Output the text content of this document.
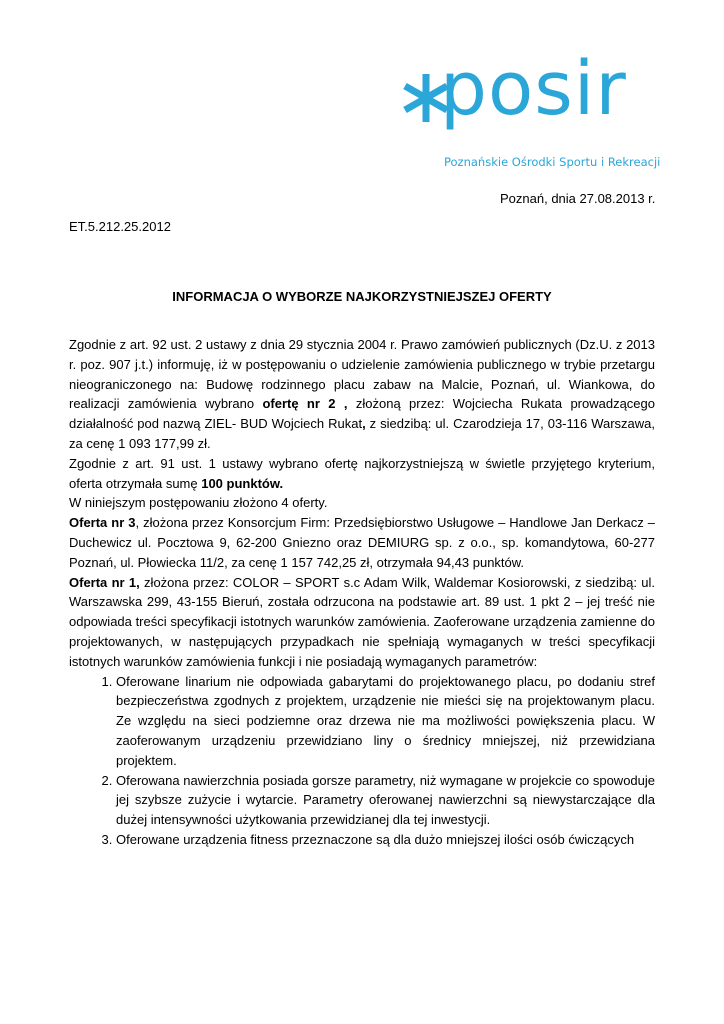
posir
Poznańskie Ośrodki Sportu i Rekreacji
Poznań, dnia 27.08.2013 r.
ET.5.212.25.2012
INFORMACJA O WYBORZE NAJKORZYSTNIEJSZEJ OFERTY

Zgodnie z art. 92 ust. 2 ustawy z dnia 29 stycznia 2004 r. Prawo zamówień publicznych (Dz.U. z 2013 r. poz. 907 j.t.) informuję, iż w postępowaniu o udzielenie zamówienia publicznego w trybie przetargu nieograniczonego na: Budowę rodzinnego placu zabaw na Malcie, Poznań, ul. Wiankowa, do realizacji zamówienia wybrano ofertę nr 2 , złożoną przez: Wojciecha Rukata prowadzącego działalność pod nazwą ZIEL- BUD Wojciech Rukat, z siedzibą: ul. Czarodzieja 17, 03-116 Warszawa, za cenę 1 093 177,99 zł.

Zgodnie z art. 91 ust. 1 ustawy wybrano ofertę najkorzystniejszą w świetle przyjętego kryterium, oferta otrzymała sumę 100 punktów.

W niniejszym postępowaniu złożono 4 oferty.

Oferta nr 3, złożona przez Konsorcjum Firm: Przedsiębiorstwo Usługowe – Handlowe Jan Derkacz – Duchewicz ul. Pocztowa 9, 62-200 Gniezno oraz DEMIURG sp. z o.o., sp. komandytowa, 60-277 Poznań, ul. Płowiecka 11/2, za cenę 1 157 742,25 zł, otrzymała 94,43 punktów.

Oferta nr 1, złożona przez: COLOR – SPORT s.c Adam Wilk, Waldemar Kosiorowski, z siedzibą: ul. Warszawska 299, 43-155 Bieruń, została odrzucona na podstawie art. 89 ust. 1 pkt 2 – jej treść nie odpowiada treści specyfikacji istotnych warunków zamówienia. Zaoferowane urządzenia zamienne do projektowanych, w następujących przypadkach nie spełniają wymaganych w treści specyfikacji istotnych warunków zamówienia funkcji i nie posiadają wymaganych parametrów:

1. Oferowane linarium nie odpowiada gabarytami do projektowanego placu, po dodaniu stref bezpieczeństwa zgodnych z projektem, urządzenie nie mieści się na projektowanym placu. Ze względu na sieci podziemne oraz drzewa nie ma możliwości powiększenia placu. W zaoferowanym urządzeniu przewidziano liny o średnicy mniejszej, niż przewidziana projektem.
2. Oferowana nawierzchnia posiada gorsze parametry, niż wymagane w projekcie co spowoduje jej szybsze zużycie i wytarcie. Parametry oferowanej nawierzchni są niewystarczające dla dużej intensywności użytkowania przewidzianej dla tej inwestycji.
3. Oferowane urządzenia fitness przeznaczone są dla dużo mniejszej ilości osób ćwiczących
